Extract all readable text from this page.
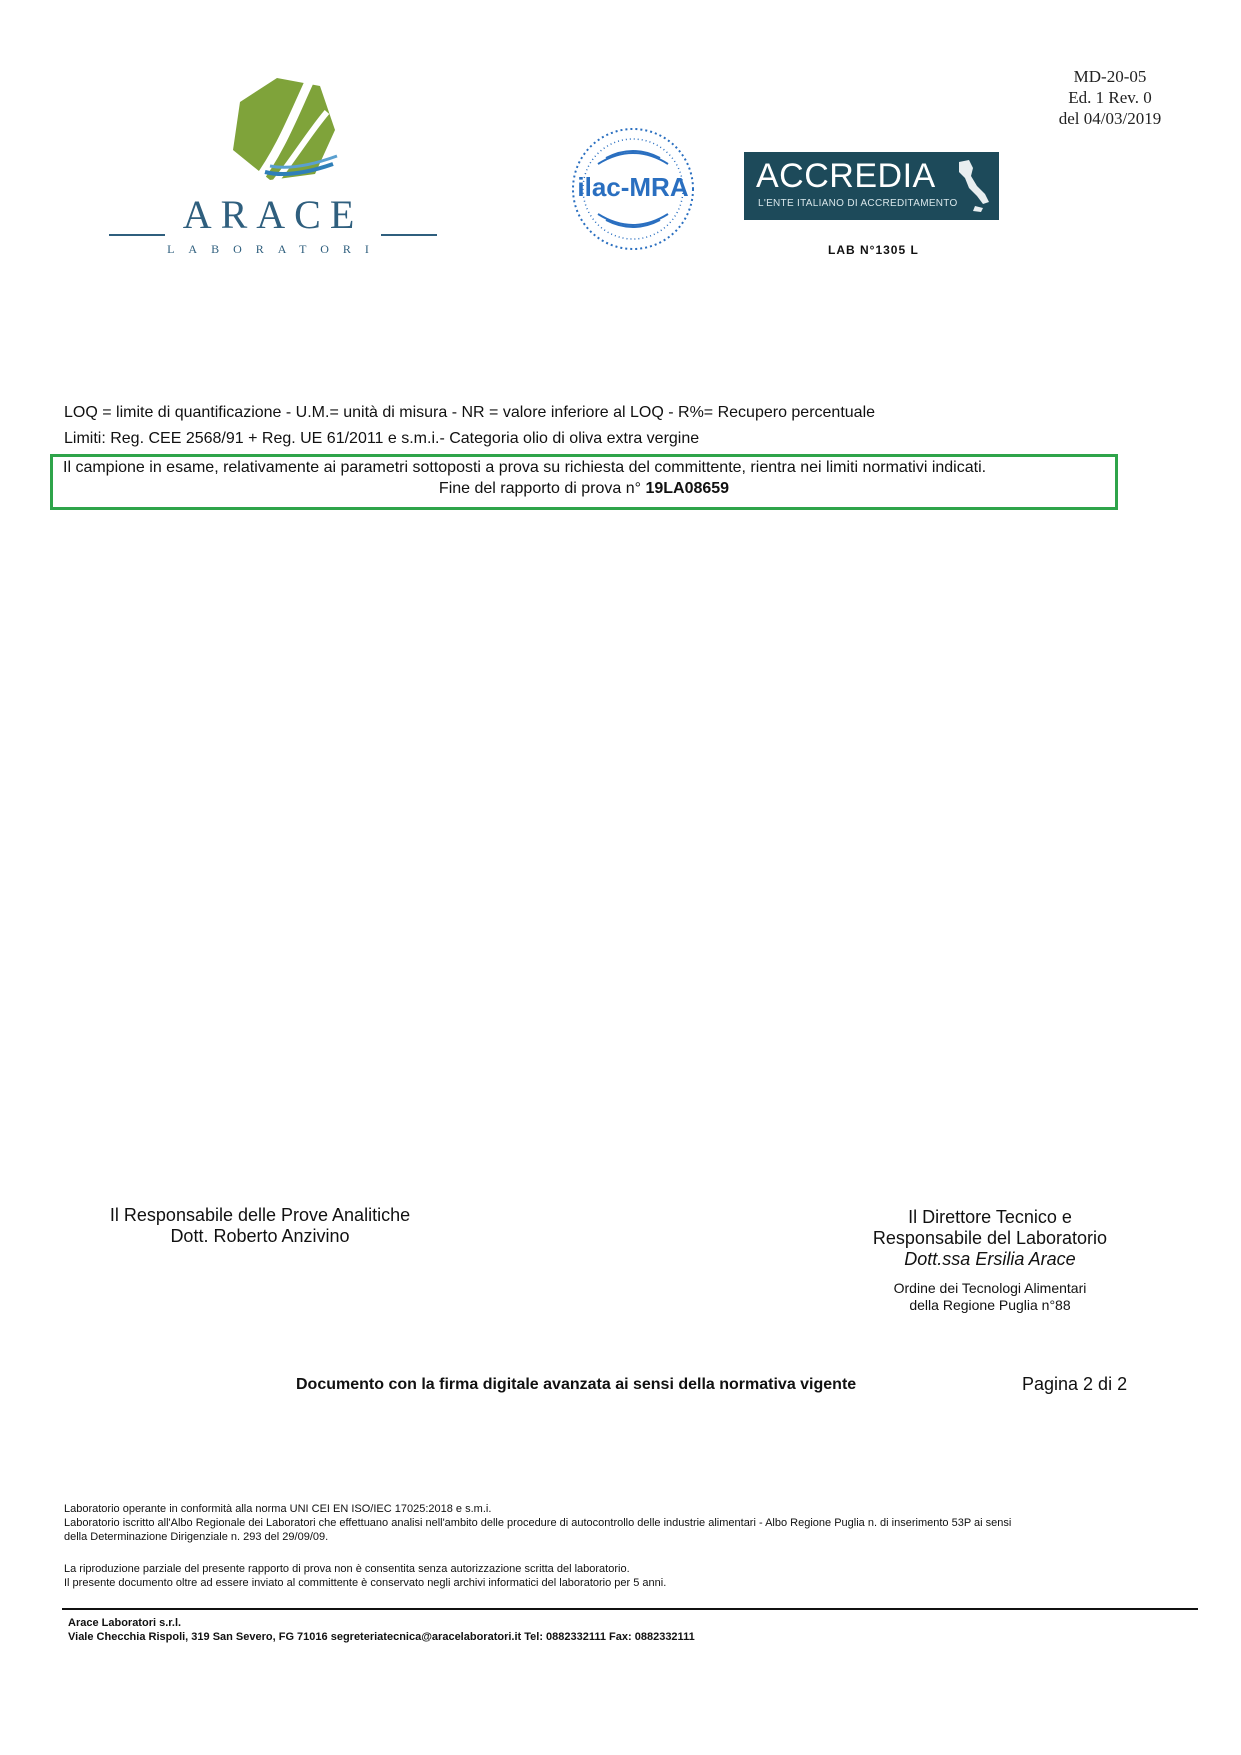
MD-20-05
Ed. 1 Rev. 0
del 04/03/2019
ARACE
LABORATORI
ilac-MRA ACCREDIA
L'ENTE ITALIANO DI ACCREDITAMENTO
LAB N°1305 L
LOQ = limite di quantificazione - U.M.= unità di misura - NR = valore inferiore al LOQ - R%= Recupero percentuale
Limiti: Reg. CEE 2568/91 + Reg. UE 61/2011 e s.m.i.- Categoria olio di oliva extra vergine
Il campione in esame, relativamente ai parametri sottoposti a prova su richiesta del committente, rientra nei limiti normativi indicati.
Fine del rapporto di prova n° 19LA08659
Il Responsabile delle Prove Analitiche
Dott. Roberto Anzivino
Il Direttore Tecnico e
Responsabile del Laboratorio
Dott.ssa Ersilia Arace
Ordine dei Tecnologi Alimentari
della Regione Puglia n°88
Documento con la firma digitale avanzata ai sensi della normativa vigente	Pagina 2 di 2
Laboratorio operante in conformità alla norma UNI CEI EN ISO/IEC 17025:2018 e s.m.i.
Laboratorio iscritto all'Albo Regionale dei Laboratori che effettuano analisi nell'ambito delle procedure di autocontrollo delle industrie alimentari - Albo Regione Puglia n. di inserimento 53P ai sensi
della Determinazione Dirigenziale n. 293 del 29/09/09.
La riproduzione parziale del presente rapporto di prova non è consentita senza autorizzazione scritta del laboratorio.
Il presente documento oltre ad essere inviato al committente è conservato negli archivi informatici del laboratorio per 5 anni.
Arace Laboratori s.r.l.
Viale Checchia Rispoli, 319 San Severo, FG 71016 segreteriatecnica@aracelaboratori.it Tel: 0882332111 Fax: 0882332111
